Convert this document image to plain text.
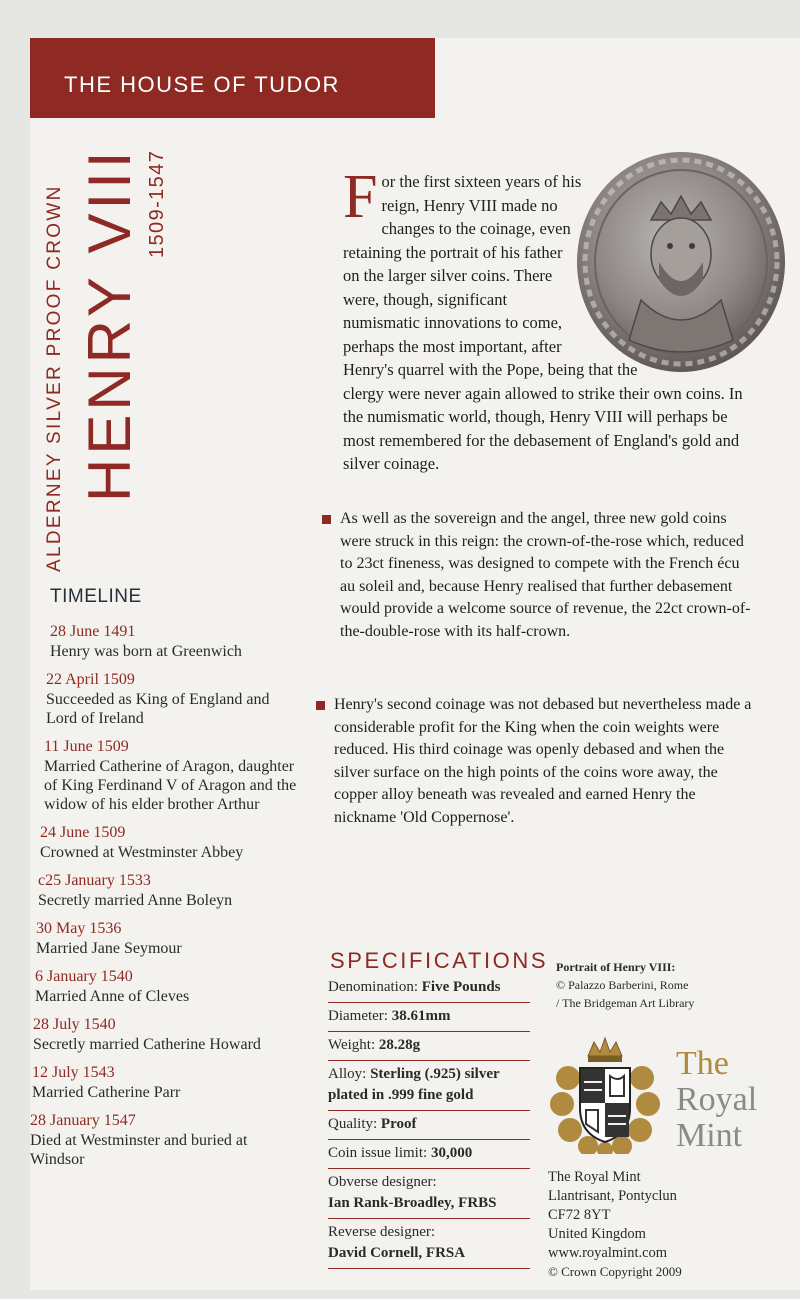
THE HOUSE OF TUDOR
ALDERNEY SILVER PROOF CROWN HENRY VIII 1509-1547	For the first sixteen years of his reign, Henry VIII made no changes to the coinage, even retaining the portrait of his father on the larger silver coins. There were, though, significant numismatic innovations to come, perhaps the most important, after Henry's quarrel with the Pope, being that the clergy were never again allowed to strike their own coins. In the numismatic world, though, Henry VIII will perhaps be most remembered for the debasement of England's gold and silver coinage.
As well as the sovereign and the angel, three new gold coins were struck in this reign: the crown-of-the-rose which, reduced to 23ct fineness, was designed to compete with the French écu au soleil and, because Henry realised that further debasement would provide a welcome source of revenue, the 22ct crown-of-the-double-rose with its half-crown.
Henry's second coinage was not debased but nevertheless made a considerable profit for the King when the coin weights were reduced. His third coinage was openly debased and when the silver surface on the high points of the coins wore away, the copper alloy beneath was revealed and earned Henry the nickname 'Old Coppernose'.
TIMELINE
28 June 1491
Henry was born at Greenwich
22 April 1509
Succeeded as King of England and Lord of Ireland
11 June 1509
Married Catherine of Aragon, daughter of King Ferdinand V of Aragon and the widow of his elder brother Arthur
24 June 1509
Crowned at Westminster Abbey
c25 January 1533
Secretly married Anne Boleyn
30 May 1536
Married Jane Seymour
6 January 1540
Married Anne of Cleves
28 July 1540
Secretly married Catherine Howard
12 July 1543
Married Catherine Parr
28 January 1547
Died at Westminster and buried at Windsor
SPECIFICATIONS
Denomination: Five Pounds
Diameter: 38.61mm
Weight: 28.28g
Alloy: Sterling (.925) silver
plated in .999 fine gold
Quality: Proof
Coin issue limit: 30,000
Obverse designer:
Ian Rank-Broadley, FRBS
Reverse designer:
David Cornell, FRSA
Portrait of Henry VIII:
© Palazzo Barberini, Rome
/ The Bridgeman Art Library
The
Royal
Mint
The Royal Mint
Llantrisant, Pontyclun
CF72 8YT
United Kingdom
www.royalmint.com
© Crown Copyright 2009
